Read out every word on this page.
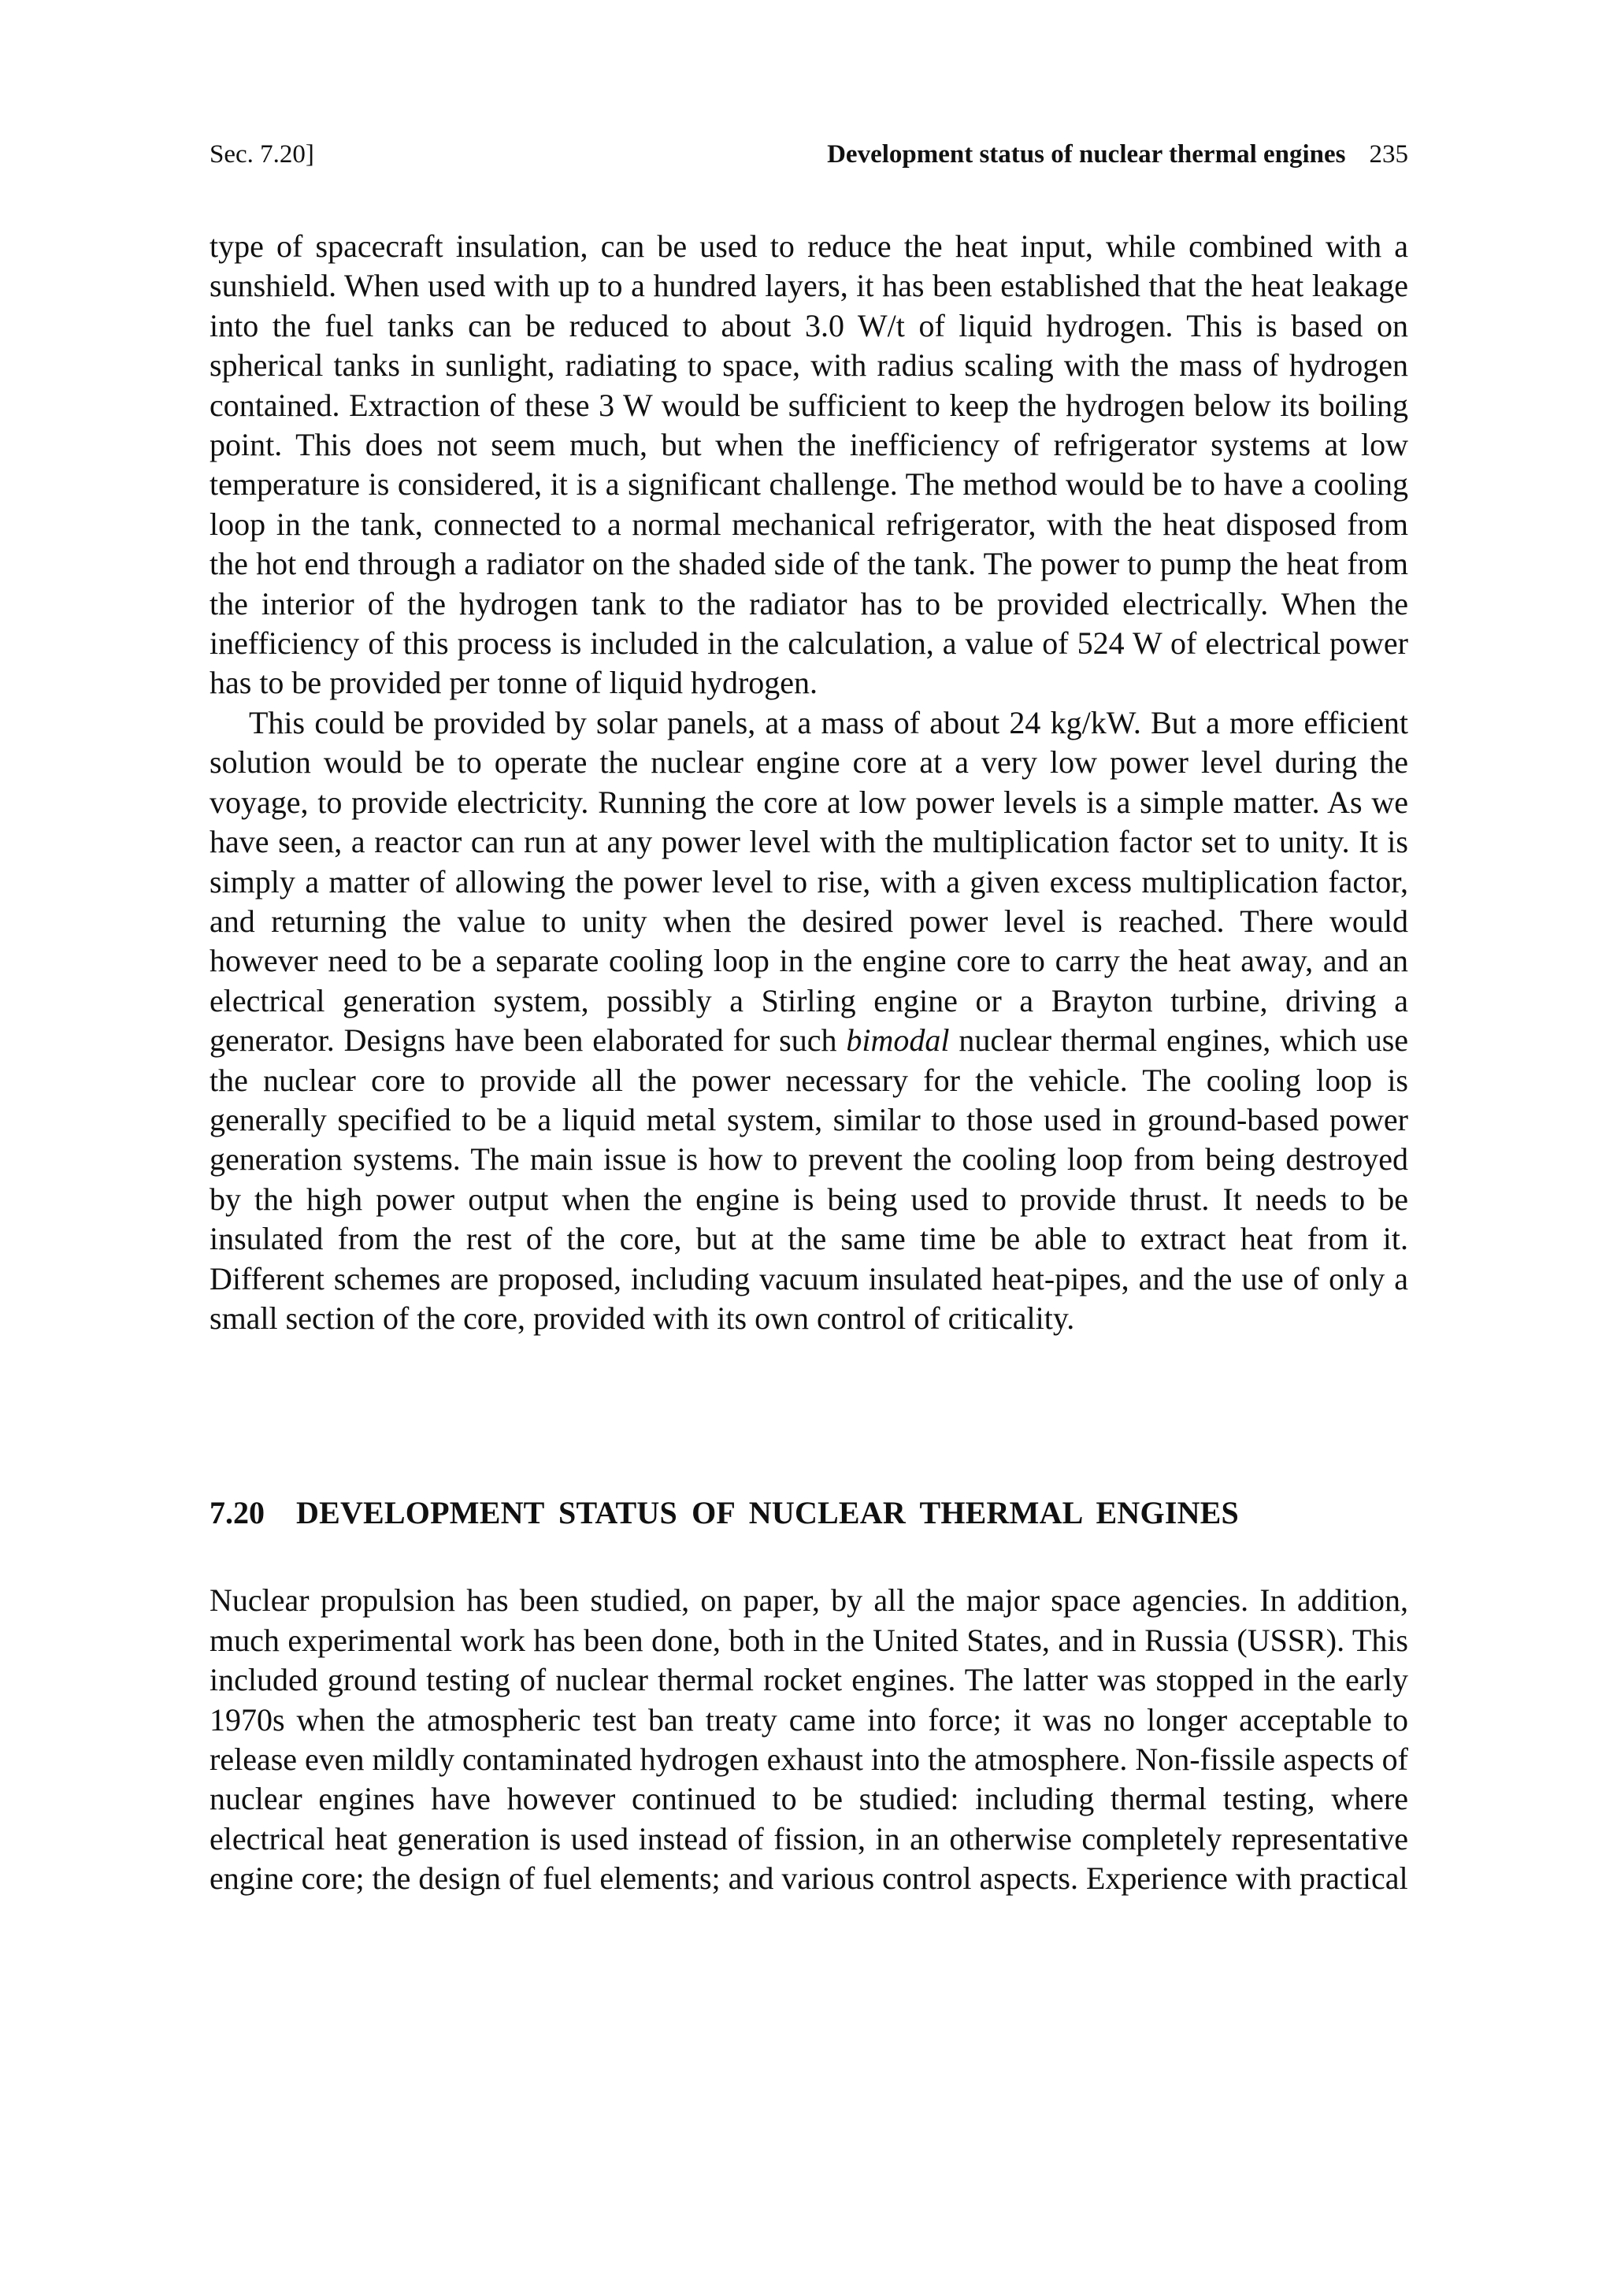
Sec. 7.20]	Development status of nuclear thermal engines 235

type of spacecraft insulation, can be used to reduce the heat input, while combined with a sunshield. When used with up to a hundred layers, it has been established that the heat leakage into the fuel tanks can be reduced to about 3.0 W/t of liquid hydrogen. This is based on spherical tanks in sunlight, radiating to space, with radius scaling with the mass of hydrogen contained. Extraction of these 3 W would be sufficient to keep the hydrogen below its boiling point. This does not seem much, but when the inefficiency of refrigerator systems at low temperature is considered, it is a significant challenge. The method would be to have a cooling loop in the tank, connected to a normal mechanical refrigerator, with the heat disposed from the hot end through a radiator on the shaded side of the tank. The power to pump the heat from the interior of the hydrogen tank to the radiator has to be provided electrically. When the inefficiency of this process is included in the calculation, a value of 524 W of electrical power has to be provided per tonne of liquid hydrogen.

This could be provided by solar panels, at a mass of about 24 kg/kW. But a more efficient solution would be to operate the nuclear engine core at a very low power level during the voyage, to provide electricity. Running the core at low power levels is a simple matter. As we have seen, a reactor can run at any power level with the multiplication factor set to unity. It is simply a matter of allowing the power level to rise, with a given excess multiplication factor, and returning the value to unity when the desired power level is reached. There would however need to be a separate cooling loop in the engine core to carry the heat away, and an electrical generation system, possibly a Stirling engine or a Brayton turbine, driving a generator. Designs have been elaborated for such bimodal nuclear thermal engines, which use the nuclear core to provide all the power necessary for the vehicle. The cooling loop is generally specified to be a liquid metal system, similar to those used in ground-based power generation systems. The main issue is how to prevent the cooling loop from being destroyed by the high power output when the engine is being used to provide thrust. It needs to be insulated from the rest of the core, but at the same time be able to extract heat from it. Different schemes are proposed, including vacuum insulated heat-pipes, and the use of only a small section of the core, provided with its own control of criticality.

7.20 DEVELOPMENT STATUS OF NUCLEAR THERMAL ENGINES

Nuclear propulsion has been studied, on paper, by all the major space agencies. In addition, much experimental work has been done, both in the United States, and in Russia (USSR). This included ground testing of nuclear thermal rocket engines. The latter was stopped in the early 1970s when the atmospheric test ban treaty came into force; it was no longer acceptable to release even mildly contaminated hydrogen exhaust into the atmosphere. Non-fissile aspects of nuclear engines have however continued to be studied: including thermal testing, where electrical heat generation is used instead of fission, in an otherwise completely representative engine core; the design of fuel elements; and various control aspects. Experience with practical
